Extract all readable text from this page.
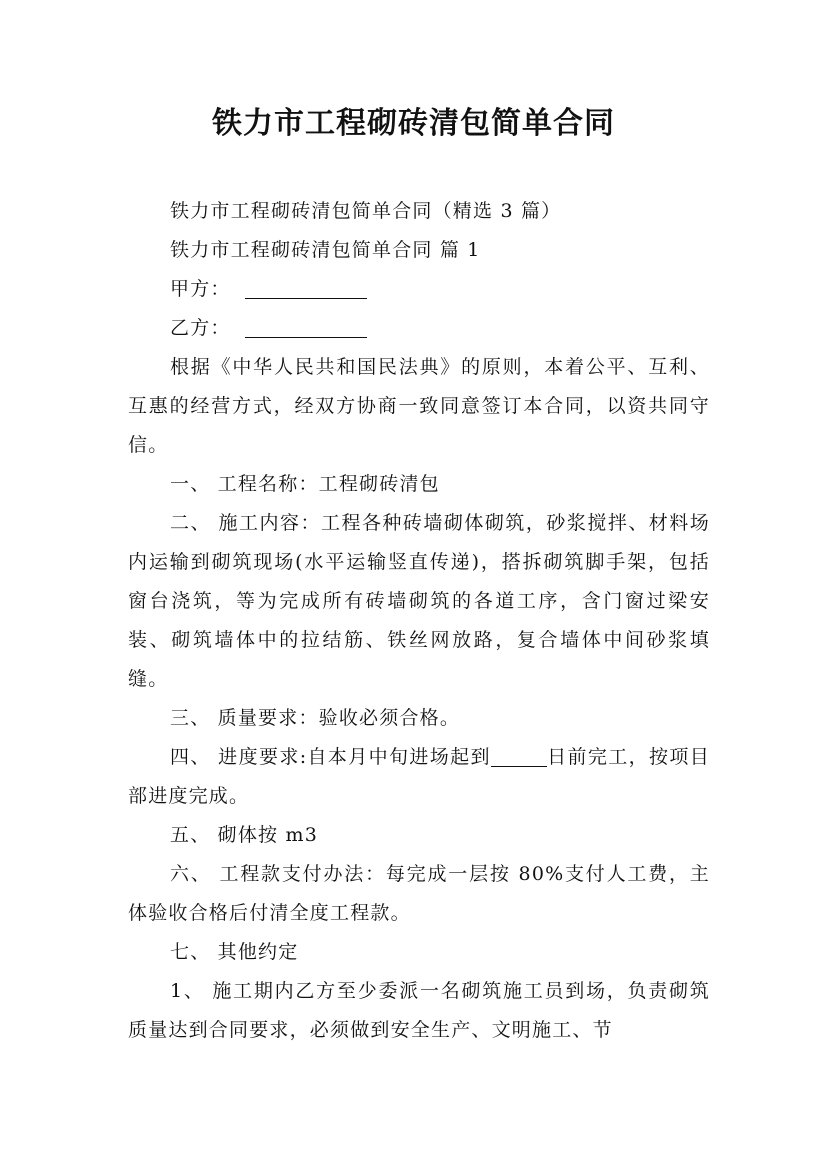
铁力市工程砌砖清包简单合同

铁力市工程砌砖清包简单合同（精选 3 篇）

铁力市工程砌砖清包简单合同 篇 1

甲方：

乙方：

根据《中华人民共和国民法典》的原则，本着公平、互利、互惠的经营方式，经双方协商一致同意签订本合同，以资共同守信。

一、 工程名称：工程砌砖清包

二、 施工内容：工程各种砖墙砌体砌筑，砂浆搅拌、材料场内运输到砌筑现场(水平运输竖直传递)，搭拆砌筑脚手架，包括窗台浇筑，等为完成所有砖墙砌筑的各道工序，含门窗过梁安装、砌筑墙体中的拉结筋、铁丝网放路，复合墙体中间砂浆填缝。

三、 质量要求：验收必须合格。

四、 进度要求:自本月中旬进场起到	日前完工，按项目部进度完成。

五、 砌体按 m3

六、 工程款支付办法：每完成一层按 80%支付人工费，主体验收合格后付清全度工程款。

七、 其他约定

1、 施工期内乙方至少委派一名砌筑施工员到场，负责砌筑质量达到合同要求，必须做到安全生产、文明施工、节
